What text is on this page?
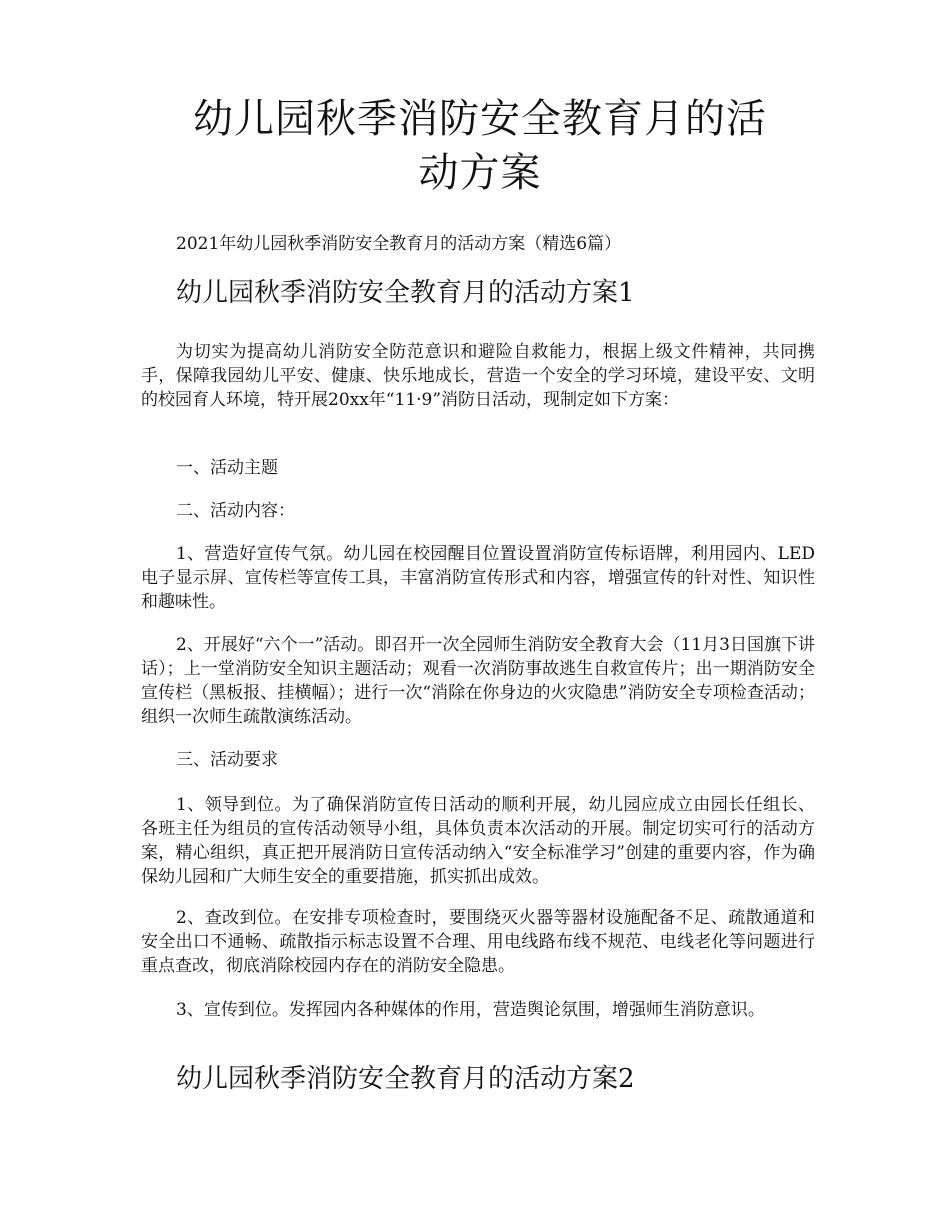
幼儿园秋季消防安全教育月的活动方案

2021年幼儿园秋季消防安全教育月的活动方案（精选6篇）

幼儿园秋季消防安全教育月的活动方案1

为切实为提高幼儿消防安全防范意识和避险自救能力，根据上级文件精神，共同携手，保障我园幼儿平安、健康、快乐地成长，营造一个安全的学习环境，建设平安、文明的校园育人环境，特开展20xx年“11·9”消防日活动，现制定如下方案：

一、活动主题

二、活动内容：

1、营造好宣传气氛。幼儿园在校园醒目位置设置消防宣传标语牌，利用园内、LED电子显示屏、宣传栏等宣传工具，丰富消防宣传形式和内容，增强宣传的针对性、知识性和趣味性。

2、开展好“六个一”活动。即召开一次全园师生消防安全教育大会（11月3日国旗下讲话）；上一堂消防安全知识主题活动；观看一次消防事故逃生自救宣传片；出一期消防安全宣传栏（黑板报、挂横幅）；进行一次“消除在你身边的火灾隐患”消防安全专项检查活动；组织一次师生疏散演练活动。

三、活动要求

1、领导到位。为了确保消防宣传日活动的顺利开展，幼儿园应成立由园长任组长、各班主任为组员的宣传活动领导小组，具体负责本次活动的开展。制定切实可行的活动方案，精心组织，真正把开展消防日宣传活动纳入“安全标准学习”创建的重要内容，作为确保幼儿园和广大师生安全的重要措施，抓实抓出成效。

2、查改到位。在安排专项检查时，要围绕灭火器等器材设施配备不足、疏散通道和安全出口不通畅、疏散指示标志设置不合理、用电线路布线不规范、电线老化等问题进行重点查改，彻底消除校园内存在的消防安全隐患。

3、宣传到位。发挥园内各种媒体的作用，营造舆论氛围，增强师生消防意识。

幼儿园秋季消防安全教育月的活动方案2
